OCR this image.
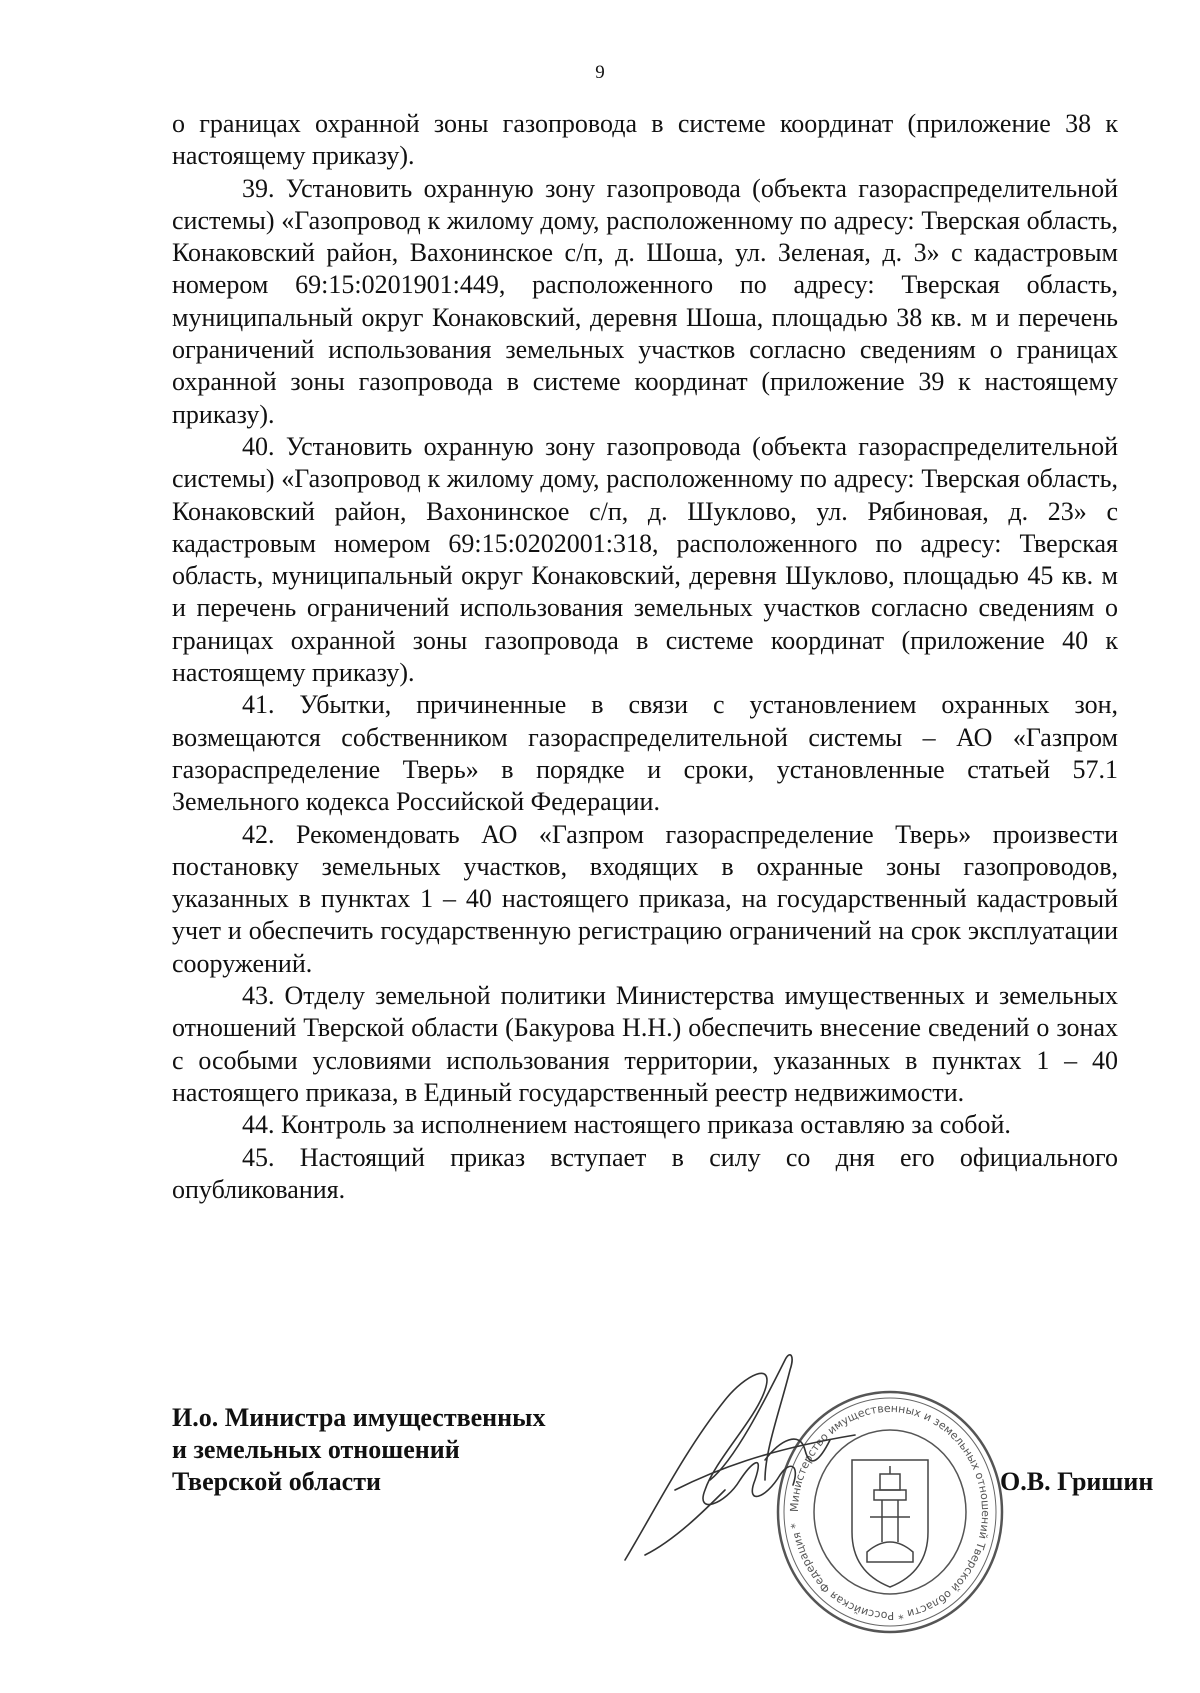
9

о границах охранной зоны газопровода в системе координат (приложение 38 к настоящему приказу).

39. Установить охранную зону газопровода (объекта газораспределительной системы) «Газопровод к жилому дому, расположенному по адресу: Тверская область, Конаковский район, Вахонинское с/п, д. Шоша, ул. Зеленая, д. 3» с кадастровым номером 69:15:0201901:449, расположенного по адресу: Тверская область, муниципальный округ Конаковский, деревня Шоша, площадью 38 кв. м и перечень ограничений использования земельных участков согласно сведениям о границах охранной зоны газопровода в системе координат (приложение 39 к настоящему приказу).

40. Установить охранную зону газопровода (объекта газораспределительной системы) «Газопровод к жилому дому, расположенному по адресу: Тверская область, Конаковский район, Вахонинское с/п, д. Шуклово, ул. Рябиновая, д. 23» с кадастровым номером 69:15:0202001:318, расположенного по адресу: Тверская область, муниципальный округ Конаковский, деревня Шуклово, площадью 45 кв. м и перечень ограничений использования земельных участков согласно сведениям о границах охранной зоны газопровода в системе координат (приложение 40 к настоящему приказу).

41. Убытки, причиненные в связи с установлением охранных зон, возмещаются собственником газораспределительной системы – АО «Газпром газораспределение Тверь» в порядке и сроки, установленные статьей 57.1 Земельного кодекса Российской Федерации.

42. Рекомендовать АО «Газпром газораспределение Тверь» произвести постановку земельных участков, входящих в охранные зоны газопроводов, указанных в пунктах 1 – 40 настоящего приказа, на государственный кадастровый учет и обеспечить государственную регистрацию ограничений на срок эксплуатации сооружений.

43. Отделу земельной политики Министерства имущественных и земельных отношений Тверской области (Бакурова Н.Н.) обеспечить внесение сведений о зонах с особыми условиями использования территории, указанных в пунктах 1 – 40 настоящего приказа, в Единый государственный реестр недвижимости.

44. Контроль за исполнением настоящего приказа оставляю за собой.

45. Настоящий приказ вступает в силу со дня его официального опубликования.

И.о. Министра имущественных
и земельных отношений
Тверской области
Министерство имущественных и земельных отношений Тверской области * Российская Федерация *
О.В. Гришин
